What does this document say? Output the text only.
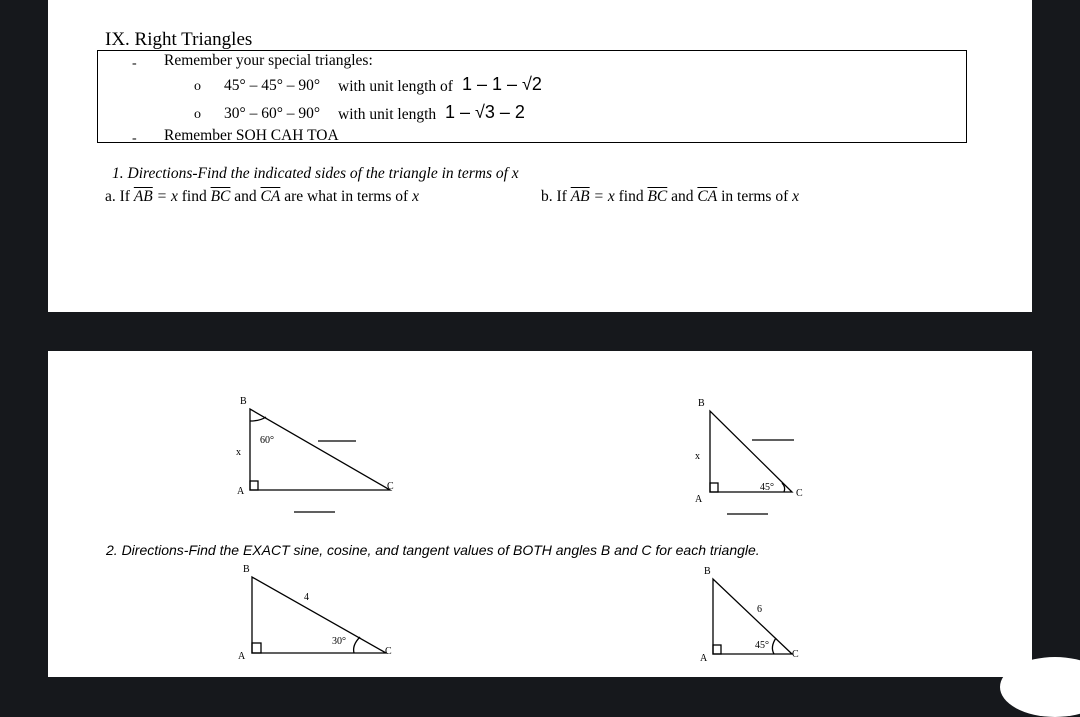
IX. Right Triangles
- Remember your special triangles:
o 45° – 45° – 90° with unit length of 1 – 1 – √2
o 30° – 60° – 90° with unit length 1 – √3 – 2
- Remember SOH CAH TOA
1. Directions-Find the indicated sides of the triangle in terms of x
a. If $\overline{AB} = x$ find $\overline{BC}$ and $\overline{CA}$ are what in terms of x	b. If $\overline{AB} = x$ find $\overline{BC}$ and $\overline{CA}$ in terms of x
B
x
A	C
60°
B
x
A
C
45°
B
4
A	C
30°
B
6
A	C
45°
2. Directions-Find the EXACT sine, cosine, and tangent values of BOTH angles B and C for each triangle.
